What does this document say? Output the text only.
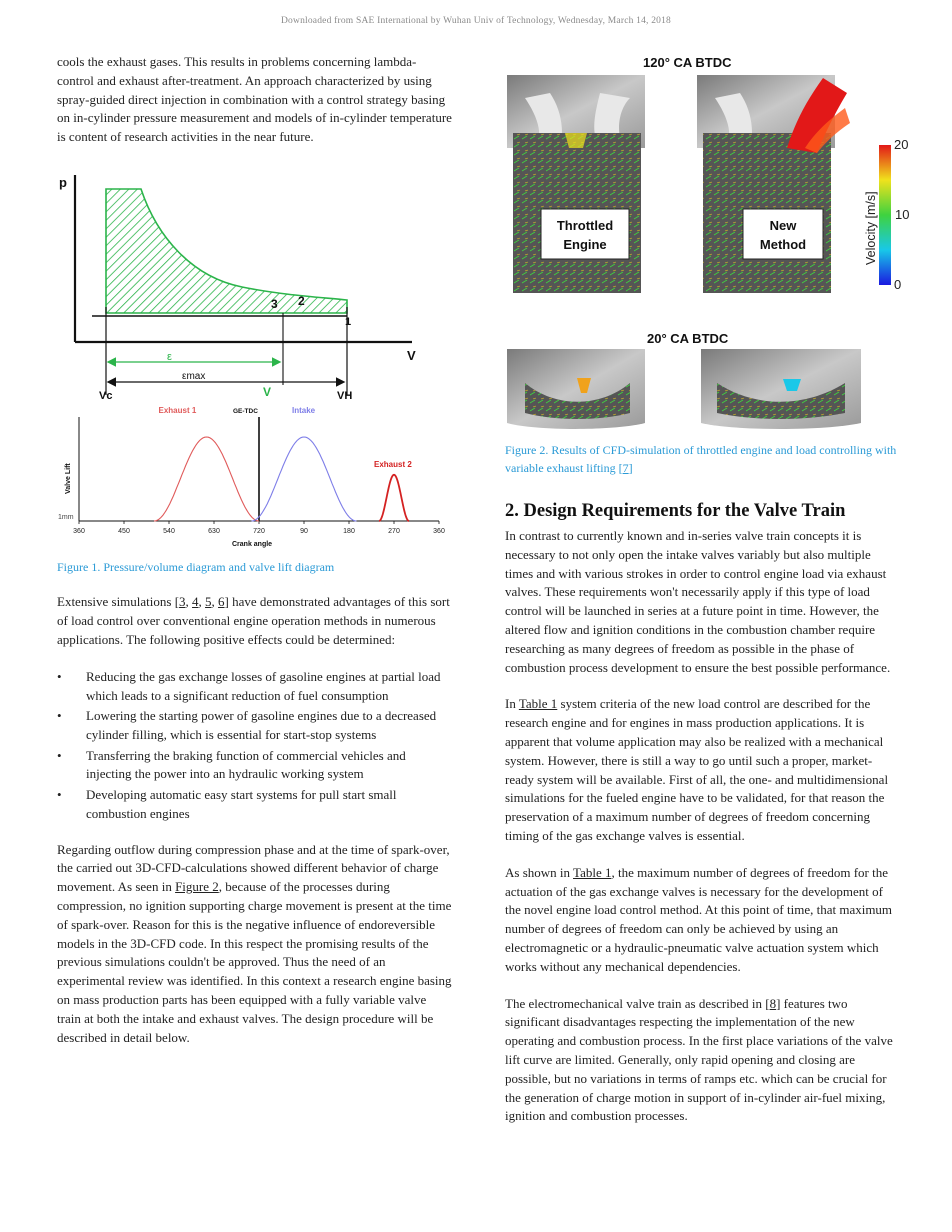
Downloaded from SAE International by Wuhan Univ of Technology, Wednesday, March 14, 2018

cools the exhaust gases. This results in problems concerning lambda-control and exhaust after-treatment. An approach characterized by using spray-guided direct injection in combination with a control strategy basing on in-cylinder pressure measurement and models of in-cylinder temperature is content of research activities in the near future.

p
V
3 2
1
ε
εmax
Vc	V	VH
Valve Lift
1mm
Crank angle
GE-TDC
360	450	540	630	720	90	180	270	360
Exhaust 1	Intake
Exhaust 2

Figure 1. Pressure/volume diagram and valve lift diagram

Extensive simulations [3, 4, 5, 6] have demonstrated advantages of this sort of load control over conventional engine operation methods in numerous applications. The following positive effects could be determined:

• Reducing the gas exchange losses of gasoline engines at partial load which leads to a significant reduction of fuel consumption
• Lowering the starting power of gasoline engines due to a decreased cylinder filling, which is essential for start-stop systems
• Transferring the braking function of commercial vehicles and injecting the power into an hydraulic working system
• Developing automatic easy start systems for pull start small combustion engines

Regarding outflow during compression phase and at the time of spark-over, the carried out 3D-CFD-calculations showed different behavior of charge movement. As seen in Figure 2, because of the processes during compression, no ignition supporting charge movement is present at the time of spark-over. Reason for this is the negative influence of endoreversible models in the 3D-CFD code. In this respect the promising results of the previous simulations couldn't be approved. Thus the need of an experimental review was identified. In this context a research engine basing on mass production parts has been equipped with a fully variable valve train at both the intake and exhaust valves. The design procedure will be described in detail below.

120° CA BTDC
Throttled
Engine
New
Method
20
10
0
Velocity [m/s]
20° CA BTDC

Figure 2. Results of CFD-simulation of throttled engine and load controlling with variable exhaust lifting [7]

2. Design Requirements for the Valve Train

In contrast to currently known and in-series valve train concepts it is necessary to not only open the intake valves variably but also multiple times and with various strokes in order to control engine load via exhaust valves. These requirements won't necessarily apply if this type of load control will be launched in series at a future point in time. However, the altered flow and ignition conditions in the combustion chamber require researching as many degrees of freedom as possible in the phase of combustion process development to ensure the best possible performance.

In Table 1 system criteria of the new load control are described for the research engine and for engines in mass production applications. It is apparent that volume application may also be realized with a mechanical system. However, there is still a way to go until such a proper, market-ready system will be available. First of all, the one- and multidimensional simulations for the fueled engine have to be validated, for that reason the preservation of a maximum number of degrees of freedom concerning timing of the gas exchange valves is essential.

As shown in Table 1, the maximum number of degrees of freedom for the actuation of the gas exchange valves is necessary for the development of the novel engine load control method. At this point of time, that maximum number of degrees of freedom can only be achieved by using an electromagnetic or a hydraulic-pneumatic valve actuation system which works without any mechanical dependencies.

The electromechanical valve train as described in [8] features two significant disadvantages respecting the implementation of the new operating and combustion process. In the first place variations of the valve lift curve are limited. Generally, only rapid opening and closing are possible, but no variations in terms of ramps etc. which can be crucial for the generation of charge motion in support of in-cylinder air-fuel mixing, ignition and combustion processes.
